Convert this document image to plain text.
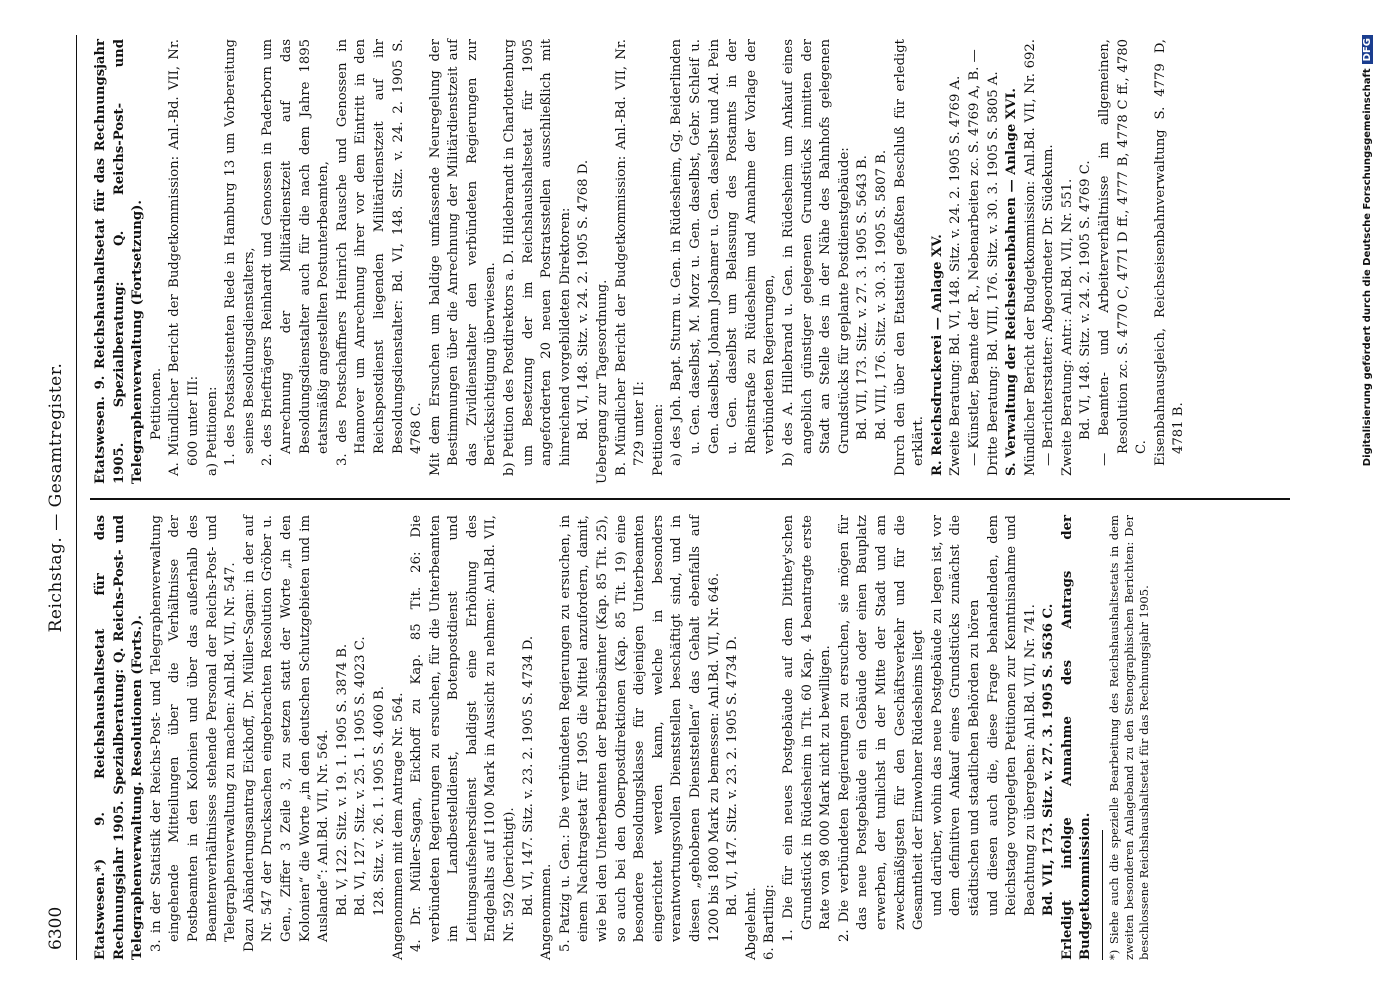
6300
Reichstag. — Gesamtregister.

Etatswesen.*) 9. Reichshaushaltsetat für das Rechnungsjahr 1905. Spezialberatung: Q. Reichs-Post- und Telegraphenverwaltung. Resolutionen (Forts.). 3. in der Statistik der Reichs-Post- und Telegraphenverwaltung eingehende Mitteilungen über die Verhältnisse der Postbeamten in den Kolonien und über das außerhalb des Beamtenverhältnisses stehende Personal der Reichs-Post- und Telegraphenverwaltung zu machen: Anl.Bd. VII, Nr. 547. Dazu Abänderungsantrag Eickhoff, Dr. Müller-Sagan: in der auf Nr. 547 der Drucksachen eingebrachten Resolution Gröber u. Gen., Ziffer 3 Zeile 3, zu setzen statt der Worte „in den Kolonien“ die Worte „in den deutschen Schutzgebieten und im Auslande“: Anl.Bd. VII, Nr. 564. Bd. V, 122. Sitz. v. 19. 1. 1905 S. 3874 B. Bd. VI, 127. Sitz. v. 25. 1. 1905 S. 4023 C. 128. Sitz. v. 26. 1. 1905 S. 4060 B. Angenommen mit dem Antrage Nr. 564. 4. Dr. Müller-Sagan, Eickhoff zu Kap. 85 Tit. 26: Die verbündeten Regierungen zu ersuchen, für die Unterbeamten im Landbestelldienst, Botenpostdienst und Leitungsaufsehersdienst baldigst eine Erhöhung des Endgehalts auf 1100 Mark in Aussicht zu nehmen: Anl.Bd. VII, Nr. 592 (berichtigt). Bd. VI, 147. Sitz. v. 23. 2. 1905 S. 4734 D. Angenommen. 5. Patzig u. Gen.: Die verbündeten Regierungen zu ersuchen, in einem Nachtragsetat für 1905 die Mittel anzufordern, damit, wie bei den Unterbeamten der Betriebsämter (Kap. 85 Tit. 25), so auch bei den Oberpostdirektionen (Kap. 85 Tit. 19) eine besondere Besoldungsklasse für diejenigen Unterbeamten eingerichtet werden kann, welche in besonders verantwortungsvollen Dienststellen beschäftigt sind, und in diesen „gehobenen Dienststellen“ das Gehalt ebenfalls auf 1200 bis 1800 Mark zu bemessen: Anl.Bd. VII, Nr. 646. Bd. VI, 147. Sitz. v. 23. 2. 1905 S. 4734 D.

Abgelehnt. 6. Bartling: 1. Die für ein neues Postgebäude auf dem Ditthey'schen Grundstück in Rüdesheim in Tit. 60 Kap. 4 beantragte erste Rate von 98 000 Mark nicht zu bewilligen. 2. Die verbündeten Regierungen zu ersuchen, sie mögen für das neue Postgebäude ein Gebäude oder einen Bauplatz erwerben, der tunlichst in der Mitte der Stadt und am zweckmäßigsten für den Geschäftsverkehr und für die Gesamtheit der Einwohner Rüdesheims liegt und darüber, wohin das neue Postgebäude zu legen ist, vor dem definitiven Ankauf eines Grundstücks zunächst die städtischen und staatlichen Behörden zu hören und diesen auch die, diese Frage behandelnden, dem Reichstage vorgelegten Petitionen zur Kenntnisnahme und Beachtung zu übergeben: Anl.Bd. VII, Nr. 741. Bd. VII, 173. Sitz. v. 27. 3. 1905 S. 5636 C. Erledigt infolge Annahme des Antrags der Budgetkommission. *) Siehe auch die spezielle Bearbeitung des Reichshaushaltsetats in dem zweiten besonderen Anlageband zu den Stenographischen Berichten: Der beschlossene Reichshaushaltsetat für das Rechnungsjahr 1905.

Etatswesen. 9. Reichshaushaltsetat für das Rechnungsjahr 1905. Spezialberatung: Q. Reichs-Post- und Telegraphenverwaltung (Fortsetzung). Petitionen. A. Mündlicher Bericht der Budgetkommission: Anl.-Bd. VII, Nr. 600 unter III: a) Petitionen: 1. des Postassistenten Riede in Hamburg 13 um Vorbereitung seines Besoldungsdienstalters, 2. des Briefträgers Reinhardt und Genossen in Paderborn um Anrechnung der Militärdienstzeit auf das Besoldungsdienstalter auch für die nach dem Jahre 1895 etatsmäßig angestellten Postunterbeamten, 3. des Postschaffners Heinrich Rausche und Genossen in Hannover um Anrechnung ihrer vor dem Eintritt in den Reichspostdienst liegenden Militärdienstzeit auf ihr Besoldungsdienstalter: Bd. VI, 148. Sitz. v. 24. 2. 1905 S. 4768 C. Mit dem Ersuchen um baldige umfassende Neuregelung der Bestimmungen über die Anrechnung der Militärdienstzeit auf das Zivildienstalter den verbündeten Regierungen zur Berücksichtigung überwiesen. b) Petition des Postdirektors a. D. Hildebrandt in Charlottenburg um Besetzung der im Reichshaushaltsetat für 1905 angeforderten 20 neuen Postratsstellen ausschließlich mit hinreichend vorgebildeten Direktoren: Bd. VI, 148. Sitz. v. 24. 2. 1905 S. 4768 D. Uebergang zur Tagesordnung. B. Mündlicher Bericht der Budgetkommission: Anl.-Bd. VII, Nr. 729 unter II: Petitionen: a) des Joh. Bapt. Sturm u. Gen. in Rüdesheim, Gg. Beiderlinden u. Gen. daselbst, M. Morz u. Gen. daselbst, Gebr. Schleif u. Gen. daselbst, Johann Josbamer u. Gen. daselbst und Ad. Pein u. Gen. daselbst um Belassung des Postamts in der Rheinstraße zu Rüdesheim und Annahme der Vorlage der verbündeten Regierungen, b) des A. Hillebrand u. Gen. in Rüdesheim um Ankauf eines angeblich günstiger gelegenen Grundstücks inmitten der Stadt an Stelle des in der Nähe des Bahnhofs gelegenen Grundstücks für geplante Postdienstgebäude: Bd. VII, 173. Sitz. v. 27. 3. 1905 S. 5643 B. Bd. VIII, 176. Sitz. v. 30. 3. 1905 S. 5807 B. Durch den über den Etatstitel gefaßten Beschluß für erledigt erklärt. R. Reichsdruckerei — Anlage XV. Zweite Beratung: Bd. VI, 148. Sitz. v. 24. 2. 1905 S. 4769 A. — Künstler, Beamte der R., Nebenarbeiten zc. S. 4769 A, B. — Dritte Beratung: Bd. VIII, 176. Sitz. v. 30. 3. 1905 S. 5805 A. S. Verwaltung der Reichseisenbahnen — Anlage XVI. Mündlicher Bericht der Budgetkommission: Anl.Bd. VII, Nr. 692. — Berichterstatter: Abgeordneter Dr. Südekum. Zweite Beratung: Antr.: Anl.Bd. VII, Nr. 551. Bd. VI, 148. Sitz. v. 24. 2. 1905 S. 4769 C. — Beamten- und Arbeiterverhältnisse im allgemeinen, Resolution zc. S. 4770 C, 4771 D ff., 4777 B, 4778 C ff., 4780 C. Eisenbahnausgleich, Reichseisenbahnverwaltung S. 4779 D, 4781 B.	Digitalisierung gefördert durch die Deutsche ForschungsgemeinschaftDFG
